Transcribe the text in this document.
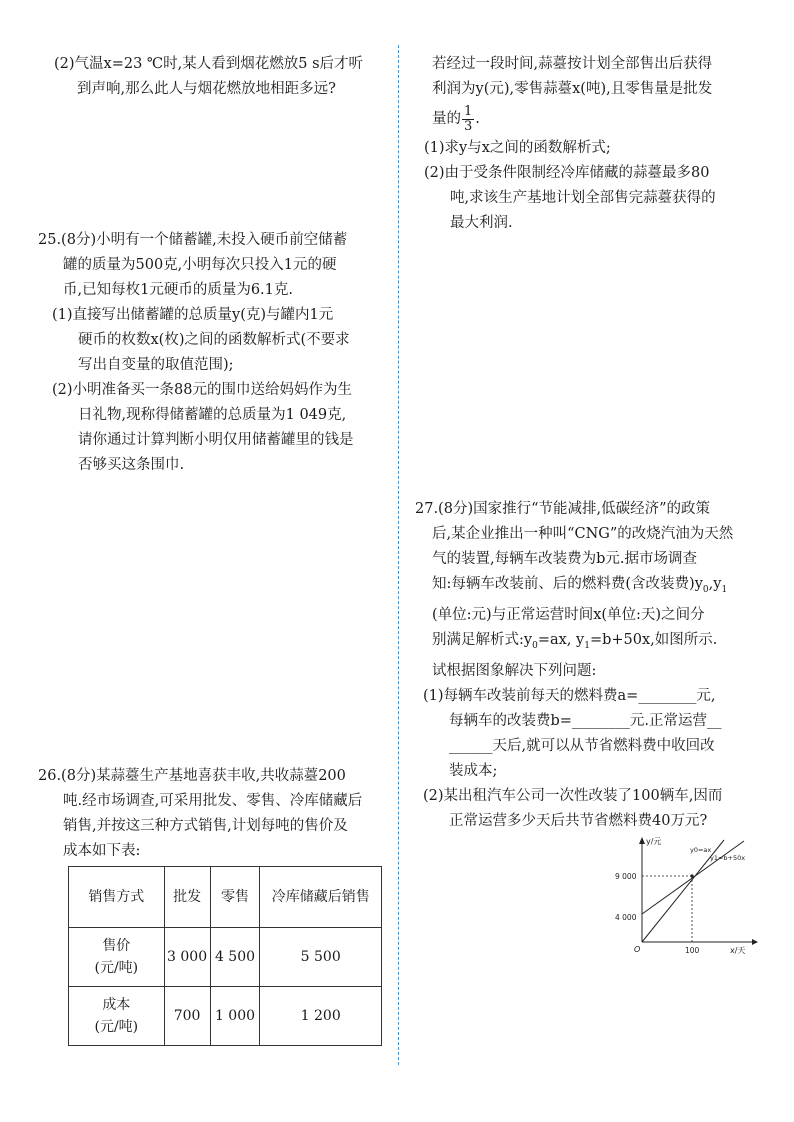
(2)气温x=23 ℃时,某人看到烟花燃放5 s后才听

到声响,那么此人与烟花燃放地相距多远?

25.(8分)小明有一个储蓄罐,未投入硬币前空储蓄

罐的质量为500克,小明每次只投入1元的硬

币,已知每枚1元硬币的质量为6.1克.

(1)直接写出储蓄罐的总质量y(克)与罐内1元

硬币的枚数x(枚)之间的函数解析式(不要求

写出自变量的取值范围);

(2)小明准备买一条88元的围巾送给妈妈作为生

日礼物,现称得储蓄罐的总质量为1 049克,

请你通过计算判断小明仅用储蓄罐里的钱是

否够买这条围巾.

26.(8分)某蒜薹生产基地喜获丰收,共收蒜薹200

吨.经市场调查,可采用批发、零售、冷库储藏后

销售,并按这三种方式销售,计划每吨的售价及

成本如下表:

销售方式	批发	零售	冷库储藏后销售

售价
(元/吨)	3 000	4 500	5 500

成本
(元/吨)	700	1 000	1 200

若经过一段时间,蒜薹按计划全部售出后获得

利润为y(元),零售蒜薹x(吨),且零售量是批发

量的 $\frac{1}{3}$ .

(1)求y与x之间的函数解析式;

(2)由于受条件限制经冷库储藏的蒜薹最多80

吨,求该生产基地计划全部售完蒜薹获得的

最大利润.

27.(8分)国家推行“节能减排,低碳经济”的政策

后,某企业推出一种叫“CNG”的改烧汽油为天然

气的装置,每辆车改装费为b元.据市场调查

知:每辆车改装前、后的燃料费(含改装费)$y_0,y_1$

(单位:元)与正常运营时间x(单位:天)之间分

别满足解析式$:y_0=ax$, $y_1=b+50x$,如图所示.

试根据图象解决下列问题:

(1)每辆车改装前每天的燃料费a=________元,

每辆车的改装费b=________元.正常运营__

______天后,就可以从节省燃料费中收回改

装成本;

(2)某出租汽车公司一次性改装了100辆车,因而

正常运营多少天后共节省燃料费40万元?

y/元
x/天
O
9 000
4 000
100
y0=ax
y1=b+50x
